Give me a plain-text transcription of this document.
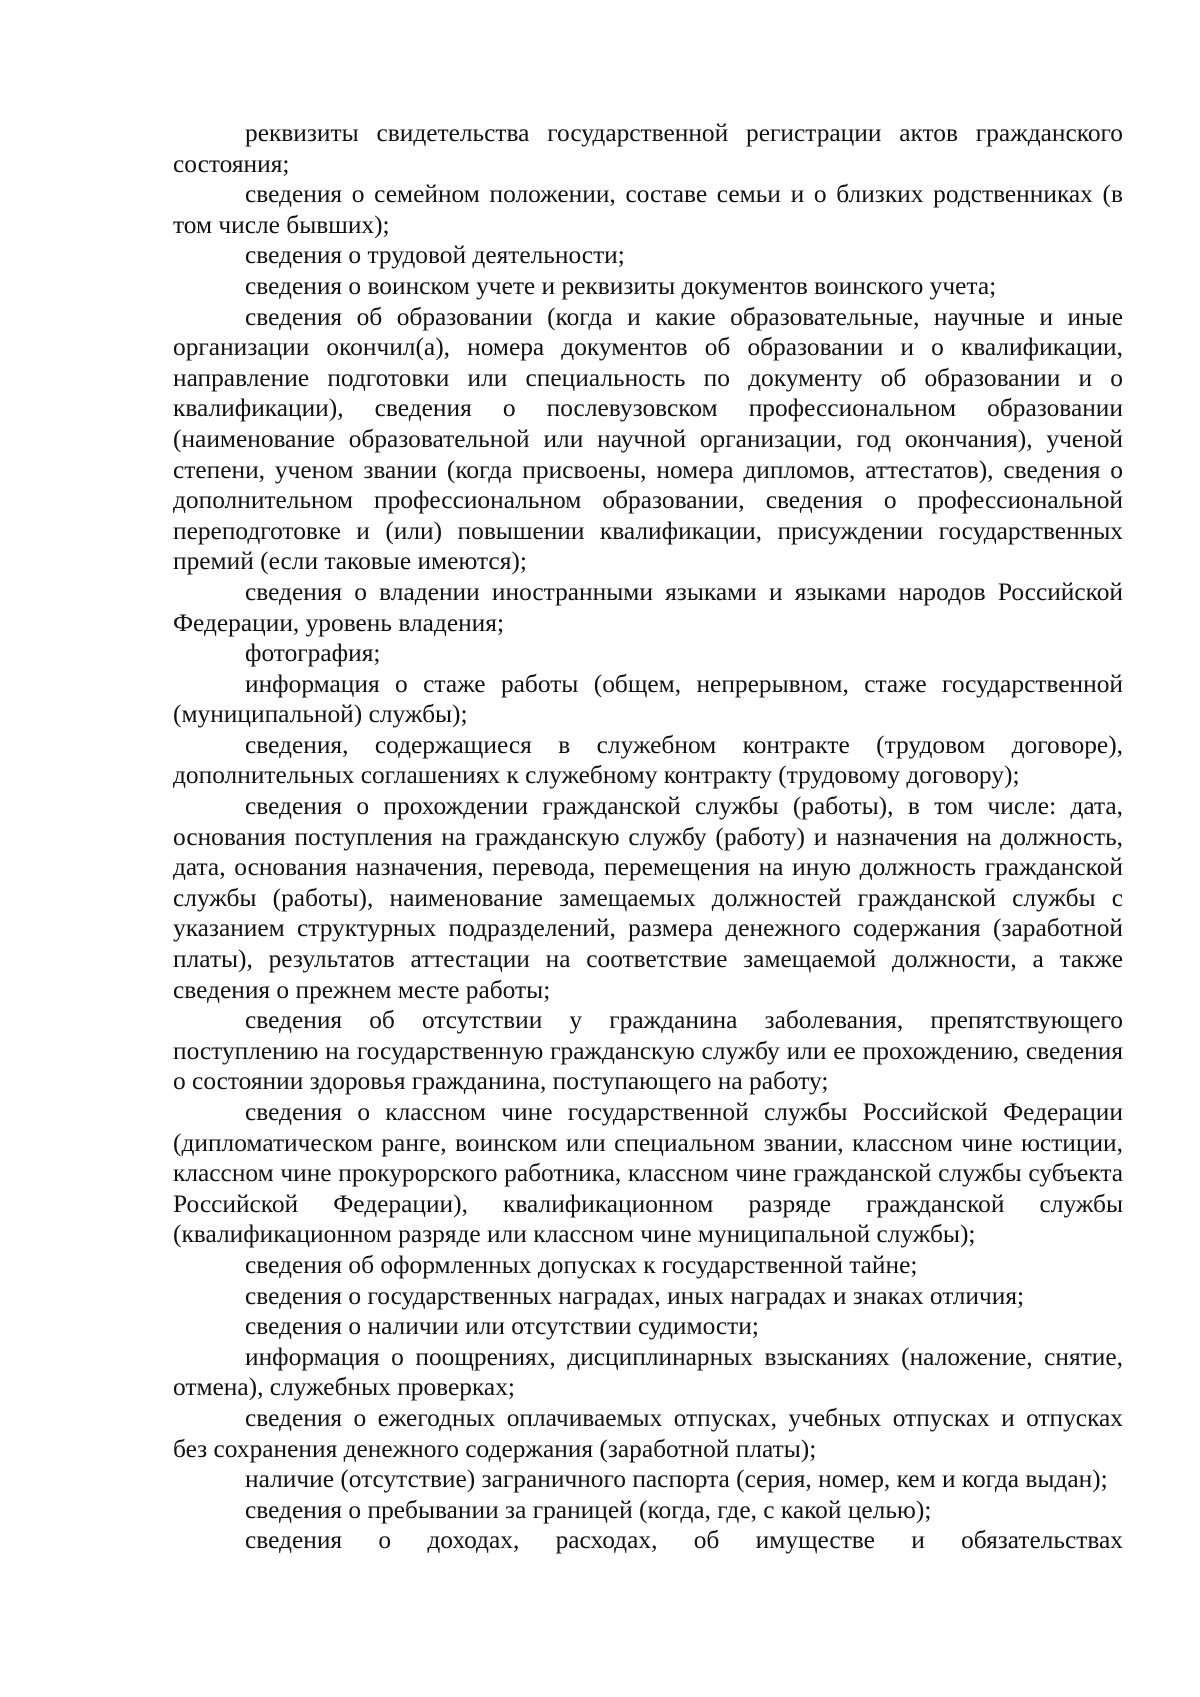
реквизиты свидетельства государственной регистрации актов гражданского состояния;

сведения о семейном положении, составе семьи и о близких родственниках (в том числе бывших);

сведения о трудовой деятельности;

сведения о воинском учете и реквизиты документов воинского учета;

сведения об образовании (когда и какие образовательные, научные и иные организации окончил(а), номера документов об образовании и о квалификации, направление подготовки или специальность по документу об образовании и о квалификации), сведения о послевузовском профессиональном образовании (наименование образовательной или научной организации, год окончания), ученой степени, ученом звании (когда присвоены, номера дипломов, аттестатов), сведения о дополнительном профессиональном образовании, сведения о профессиональной переподготовке и (или) повышении квалификации, присуждении государственных премий (если таковые имеются);

сведения о владении иностранными языками и языками народов Российской Федерации, уровень владения;

фотография;

информация о стаже работы (общем, непрерывном, стаже государственной (муниципальной) службы);

сведения, содержащиеся в служебном контракте (трудовом договоре), дополнительных соглашениях к служебному контракту (трудовому договору);

сведения о прохождении гражданской службы (работы), в том числе: дата, основания поступления на гражданскую службу (работу) и назначения на должность, дата, основания назначения, перевода, перемещения на иную должность гражданской службы (работы), наименование замещаемых должностей гражданской службы с указанием структурных подразделений, размера денежного содержания (заработной платы), результатов аттестации на соответствие замещаемой должности, а также сведения о прежнем месте работы;

сведения об отсутствии у гражданина заболевания, препятствующего поступлению на государственную гражданскую службу или ее прохождению, сведения о состоянии здоровья гражданина, поступающего на работу;

сведения о классном чине государственной службы Российской Федерации (дипломатическом ранге, воинском или специальном звании, классном чине юстиции, классном чине прокурорского работника, классном чине гражданской службы субъекта Российской Федерации), квалификационном разряде гражданской службы (квалификационном разряде или классном чине муниципальной службы);

сведения об оформленных допусках к государственной тайне;

сведения о государственных наградах, иных наградах и знаках отличия;

сведения о наличии или отсутствии судимости;

информация о поощрениях, дисциплинарных взысканиях (наложение, снятие, отмена), служебных проверках;

сведения о ежегодных оплачиваемых отпусках, учебных отпусках и отпусках без сохранения денежного содержания (заработной платы);

наличие (отсутствие) заграничного паспорта (серия, номер, кем и когда выдан);

сведения о пребывании за границей (когда, где, с какой целью);

сведения о доходах, расходах, об имуществе и обязательствах
